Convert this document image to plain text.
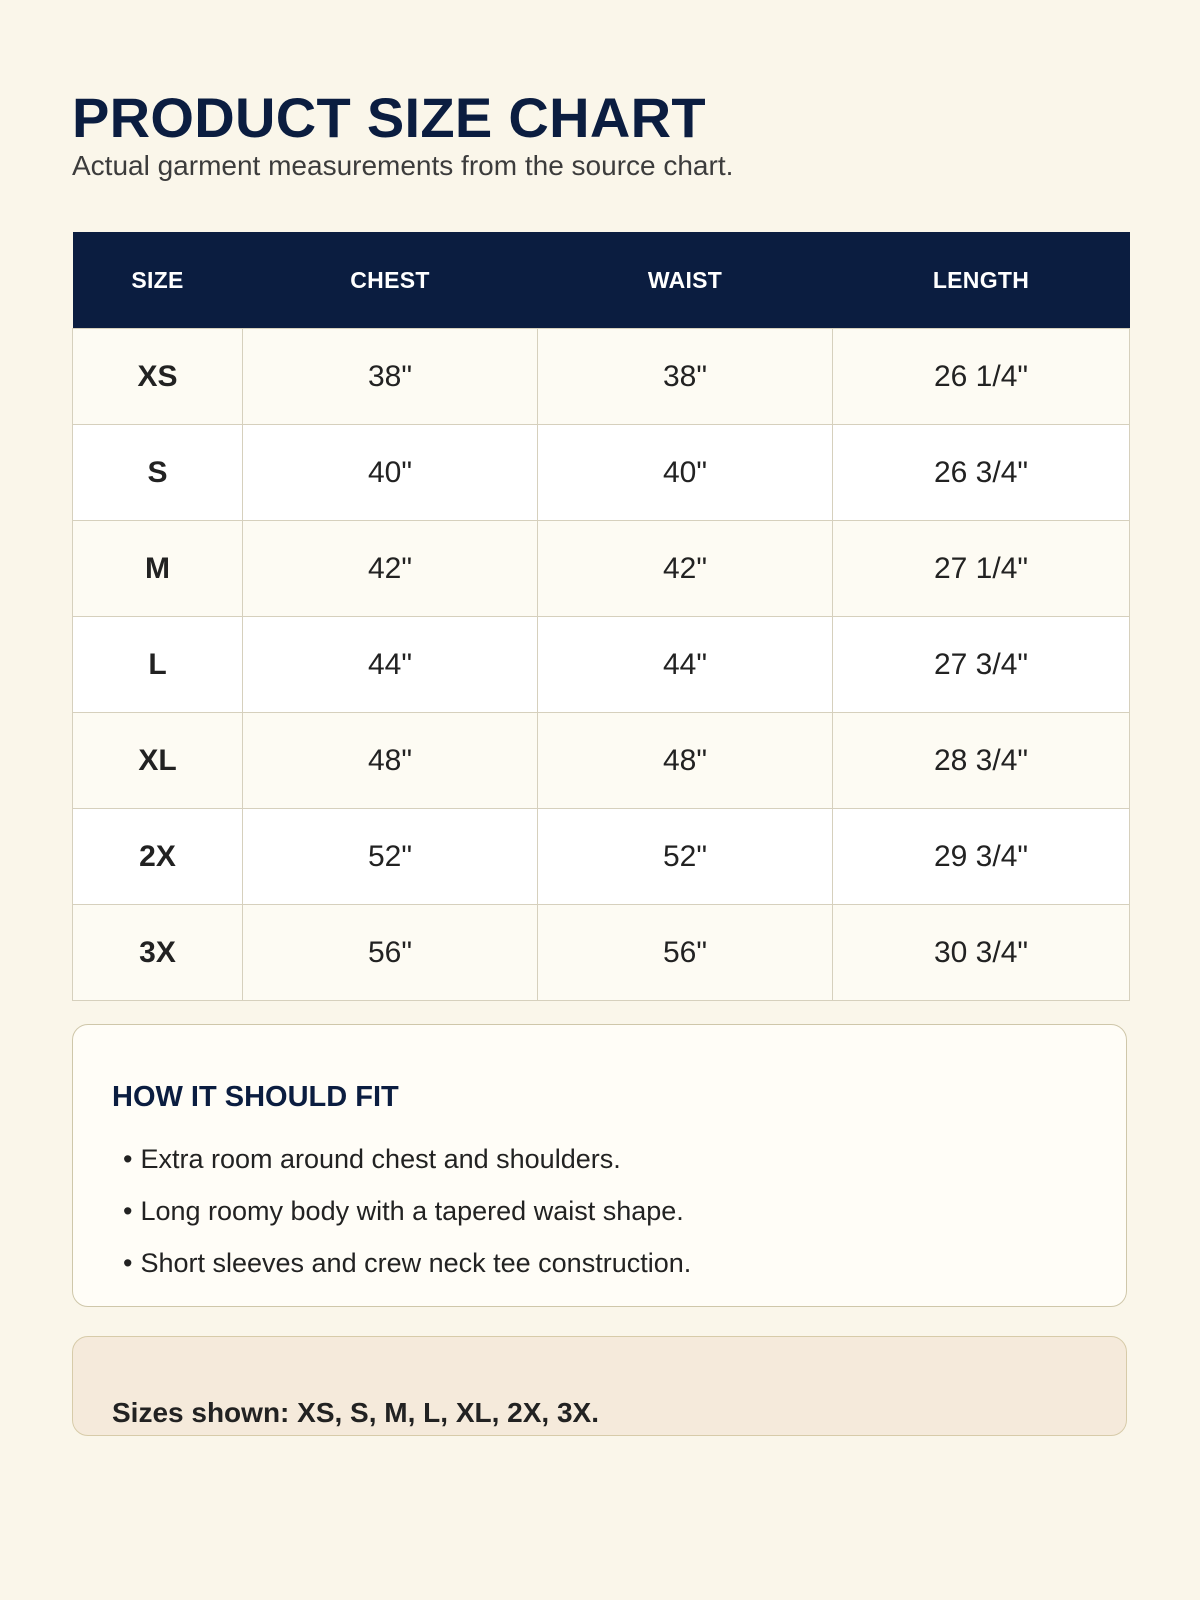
PRODUCT SIZE CHART
Actual garment measurements from the source chart.
SIZE	CHEST	WAIST	LENGTH
XS	38"	38"	26 1/4"
S	40"	40"	26 3/4"
M	42"	42"	27 1/4"
L	44"	44"	27 3/4"
XL	48"	48"	28 3/4"
2X	52"	52"	29 3/4"
3X	56"	56"	30 3/4"
HOW IT SHOULD FIT
• Extra room around chest and shoulders.
• Long roomy body with a tapered waist shape.
• Short sleeves and crew neck tee construction.
Sizes shown: XS, S, M, L, XL, 2X, 3X.
